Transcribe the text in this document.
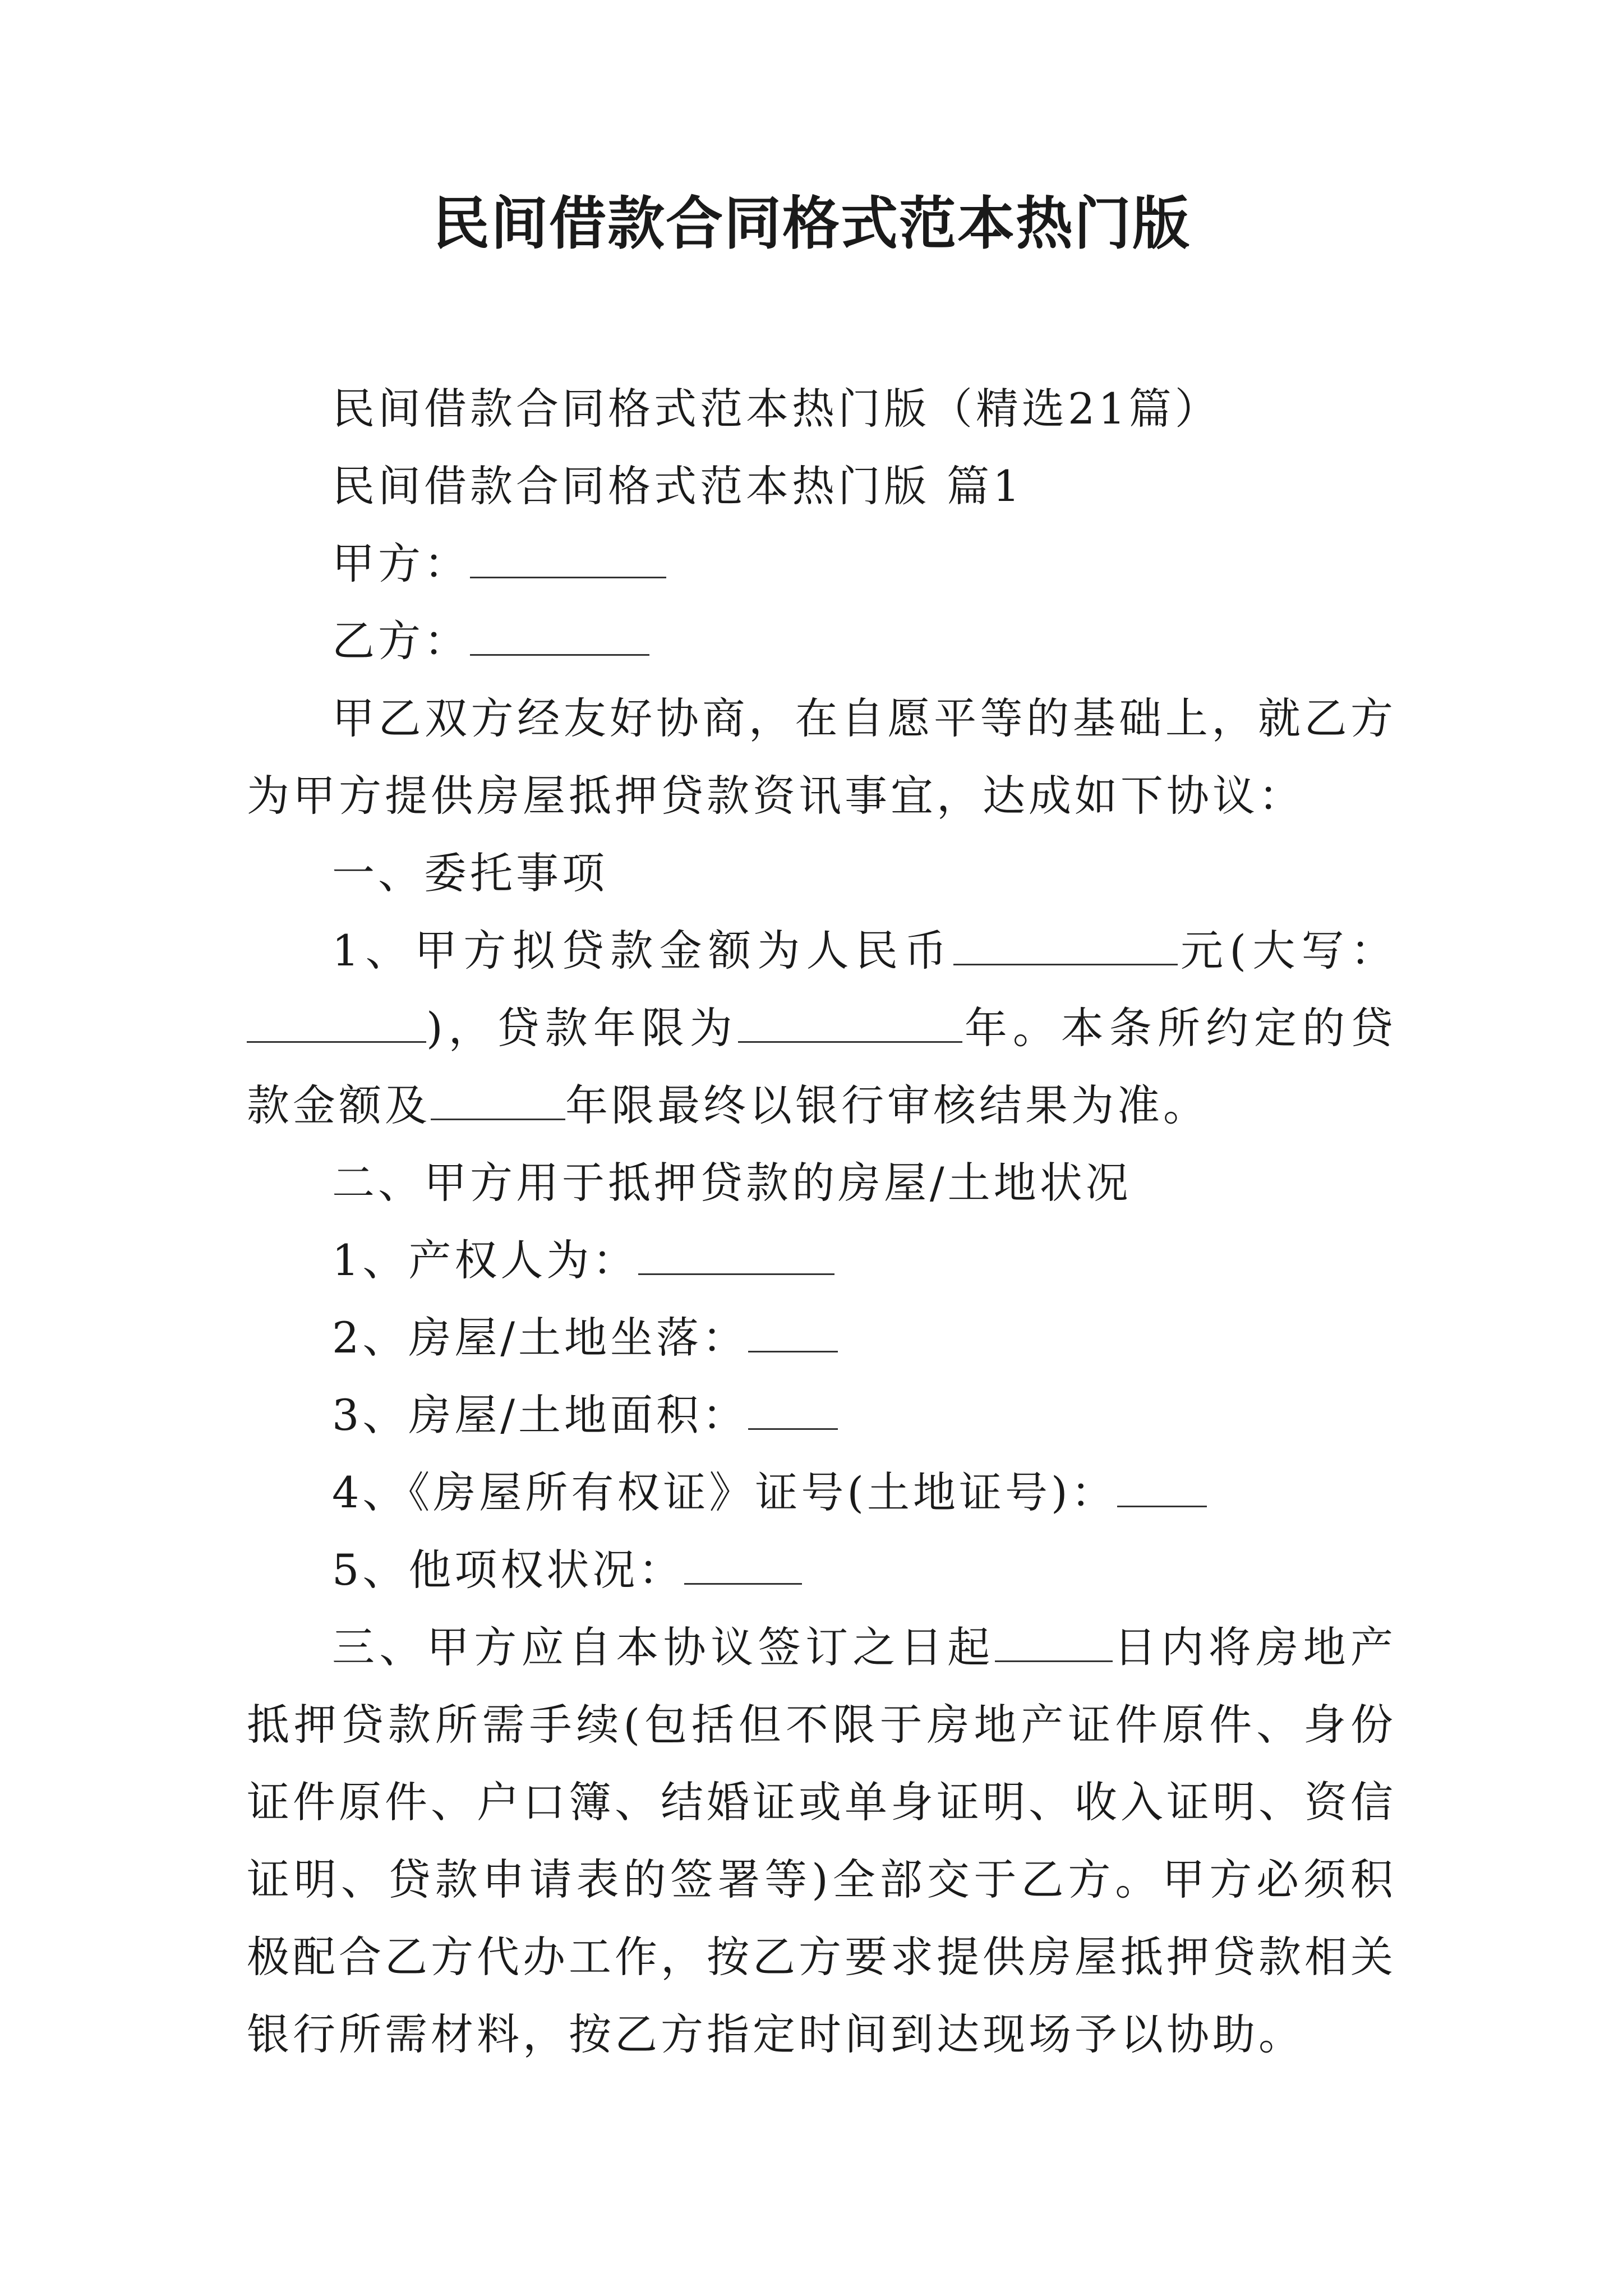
民间借款合同格式范本热门版

民间借款合同格式范本热门版（精选21篇）

民间借款合同格式范本热门版 篇1

甲方：

乙方：

甲乙双方经友好协商，在自愿平等的基础上，就乙方为甲方提供房屋抵押贷款资讯事宜，达成如下协议：

一、委托事项

1、甲方拟贷款金额为人民币	元(大写：)，贷款年限为	年。本条所约定的贷款金额及	年限最终以银行审核结果为准。

二、甲方用于抵押贷款的房屋/土地状况

1、产权人为：

2、房屋/土地坐落：

3、房屋/土地面积：

4、《房屋所有权证》证号(土地证号)：

5、他项权状况：

三、甲方应自本协议签订之日起	日内将房地产抵押贷款所需手续(包括但不限于房地产证件原件、身份证件原件、户口簿、结婚证或单身证明、收入证明、资信证明、贷款申请表的签署等)全部交于乙方。甲方必须积极配合乙方代办工作，按乙方要求提供房屋抵押贷款相关银行所需材料，按乙方指定时间到达现场予以协助。
